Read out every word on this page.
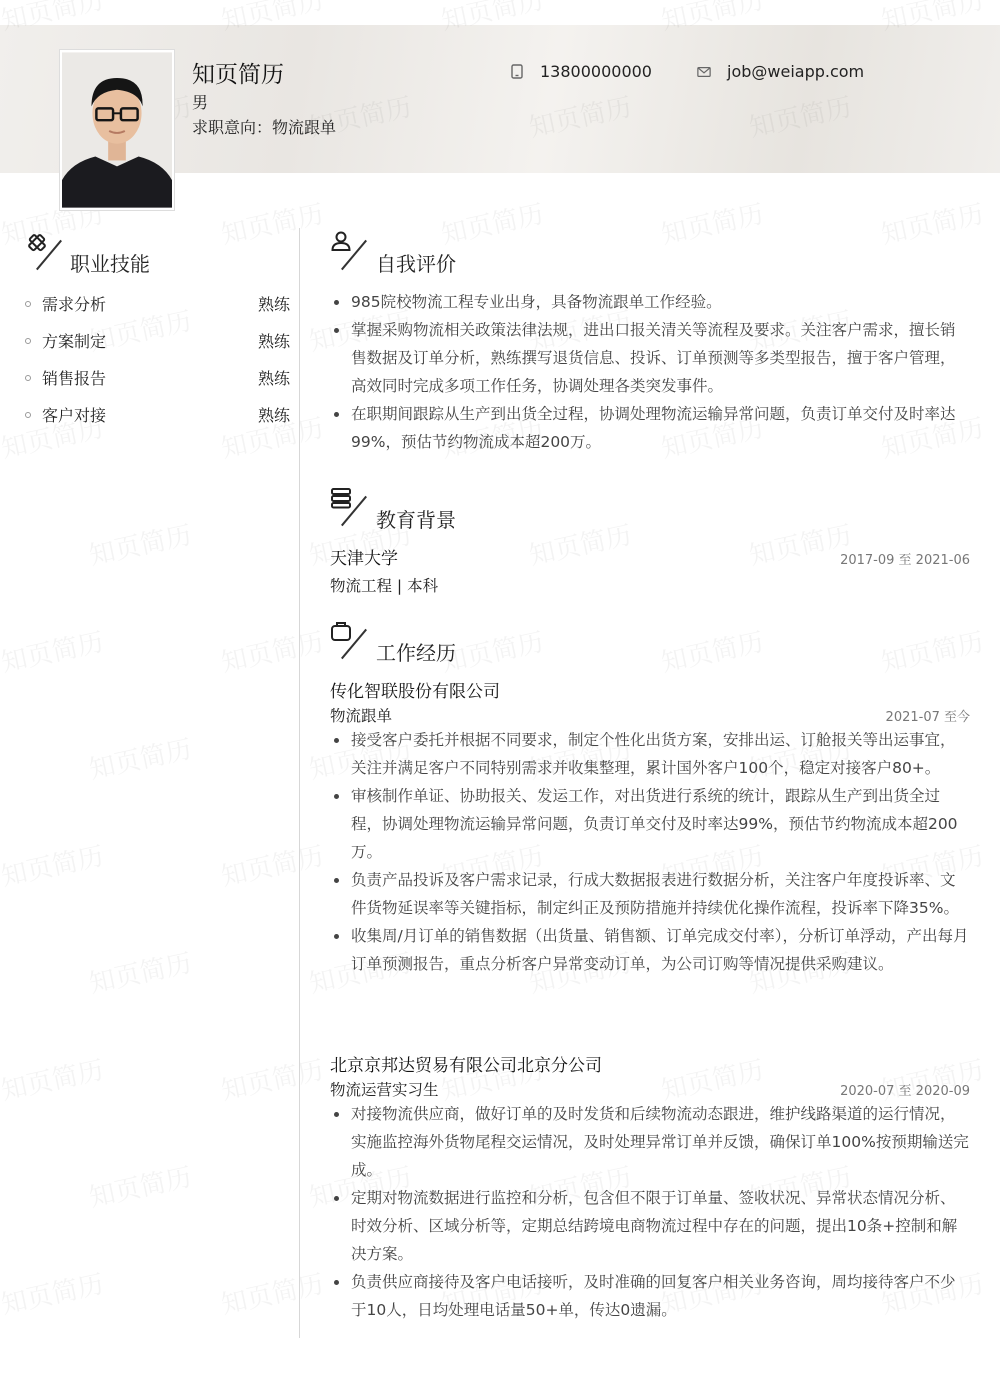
知页简历
男
求职意向：物流跟单
13800000000	job@weiapp.com
职业技能
需求分析	熟练
方案制定	熟练
销售报告	熟练
客户对接	熟练
自我评价
985院校物流工程专业出身，具备物流跟单工作经验。
掌握采购物流相关政策法律法规，进出口报关清关等流程及要求。关注客户需求，擅长销售数据及订单分析，熟练撰写退货信息、投诉、订单预测等多类型报告，擅于客户管理，高效同时完成多项工作任务，协调处理各类突发事件。
在职期间跟踪从生产到出货全过程，协调处理物流运输异常问题，负责订单交付及时率达99%，预估节约物流成本超200万。
教育背景
天津大学	2017-09 至 2021-06
物流工程 | 本科
工作经历
传化智联股份有限公司
物流跟单	2021-07 至今
接受客户委托并根据不同要求，制定个性化出货方案，安排出运、订舱报关等出运事宜，关注并满足客户不同特别需求并收集整理，累计国外客户100个，稳定对接客户80+。
审核制作单证、协助报关、发运工作，对出货进行系统的统计，跟踪从生产到出货全过程，协调处理物流运输异常问题，负责订单交付及时率达99%，预估节约物流成本超200万。
负责产品投诉及客户需求记录，行成大数据报表进行数据分析，关注客户年度投诉率、文件货物延误率等关键指标，制定纠正及预防措施并持续优化操作流程，投诉率下降35%。
收集周/月订单的销售数据（出货量、销售额、订单完成交付率），分析订单浮动，产出每月订单预测报告，重点分析客户异常变动订单，为公司订购等情况提供采购建议。
北京京邦达贸易有限公司北京分公司
物流运营实习生	2020-07 至 2020-09
对接物流供应商，做好订单的及时发货和后续物流动态跟进，维护线路渠道的运行情况，实施监控海外货物尾程交运情况，及时处理异常订单并反馈，确保订单100%按预期输送完成。
定期对物流数据进行监控和分析，包含但不限于订单量、签收状况、异常状态情况分析、时效分析、区域分析等，定期总结跨境电商物流过程中存在的问题，提出10条+控制和解决方案。
负责供应商接待及客户电话接听，及时准确的回复客户相关业务咨询，周均接待客户不少于10人，日均处理电话量50+单，传达0遗漏。
